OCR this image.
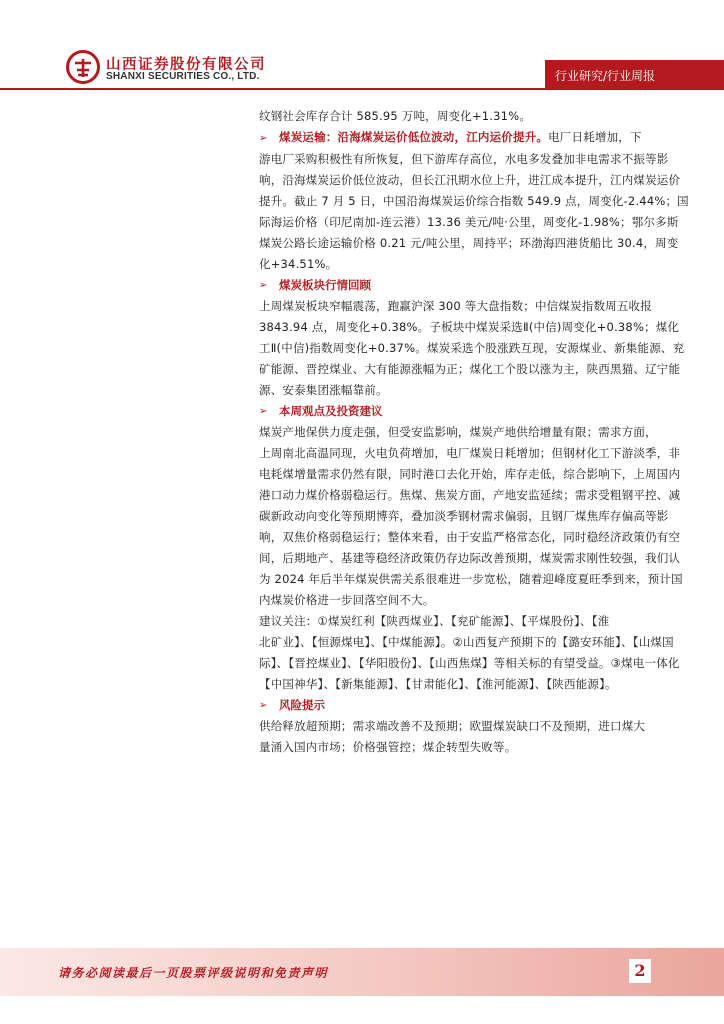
山西证券股份有限公司
SHANXI SECURITIES CO., LTD.	行业研究/行业周报

纹钢社会库存合计 585.95 万吨，周变化+1.31%。

➢ 煤炭运输：沿海煤炭运价低位波动，江内运价提升。电厂日耗增加，下
游电厂采购积极性有所恢复，但下游库存高位，水电多发叠加非电需求不振等影响，沿海煤炭运价低位波动，但长江汛期水位上升，进江成本提升，江内煤炭运价提升。截止 7 月 5 日，中国沿海煤炭运价综合指数 549.9 点，周变化-2.44%；国际海运价格（印尼南加-连云港）13.36 美元/吨·公里，周变化-1.98%；鄂尔多斯煤炭公路长途运输价格 0.21 元/吨公里，周持平；环渤海四港货船比 30.4，周变化+34.51%。
➢	煤炭板块行情回顾
上周煤炭板块窄幅震荡，跑赢沪深 300 等大盘指数；中信煤炭指数周五收报
3843.94 点，周变化+0.38%。子板块中煤炭采选Ⅱ(中信)周变化+0.38%；煤化工Ⅱ(中信)指数周变化+0.37%。煤炭采选个股涨跌互现，安源煤业、新集能源、兖矿能源、晋控煤业、大有能源涨幅为正；煤化工个股以涨为主，陕西黑猫、辽宁能源、安泰集团涨幅靠前。
➢	本周观点及投资建议
煤炭产地保供力度走强，但受安监影响，煤炭产地供给增量有限；需求方面，
上周南北高温同现，火电负荷增加，电厂煤炭日耗增加；但钢材化工下游淡季，非电耗煤增量需求仍然有限，同时港口去化开始，库存走低，综合影响下，上周国内港口动力煤价格弱稳运行。焦煤、焦炭方面，产地安监延续；需求受粗钢平控、减碳新政动向变化等预期博弈，叠加淡季钢材需求偏弱，且钢厂煤焦库存偏高等影响，双焦价格弱稳运行；整体来看，由于安监严格常态化，同时稳经济政策仍有空间，后期地产、基建等稳经济政策仍存边际改善预期，煤炭需求刚性较强，我们认为 2024 年后半年煤炭供需关系很难进一步宽松，随着迎峰度夏旺季到来，预计国内煤炭价格进一步回落空间不大。
建议关注：①煤炭红利【陕西煤业】、【兖矿能源】、【平煤股份】、【淮
北矿业】、【恒源煤电】、【中煤能源】。②山西复产预期下的【潞安环能】、【山煤国际】、【晋控煤业】、【华阳股份】、【山西焦煤】等相关标的有望受益。③煤电一体化【中国神华】、【新集能源】、【甘肃能化】、【淮河能源】、【陕西能源】。
➢	风险提示
供给释放超预期；需求端改善不及预期；欧盟煤炭缺口不及预期，进口煤大
量涌入国内市场；价格强管控；煤企转型失败等。
请务必阅读最后一页股票评级说明和免责声明	2
